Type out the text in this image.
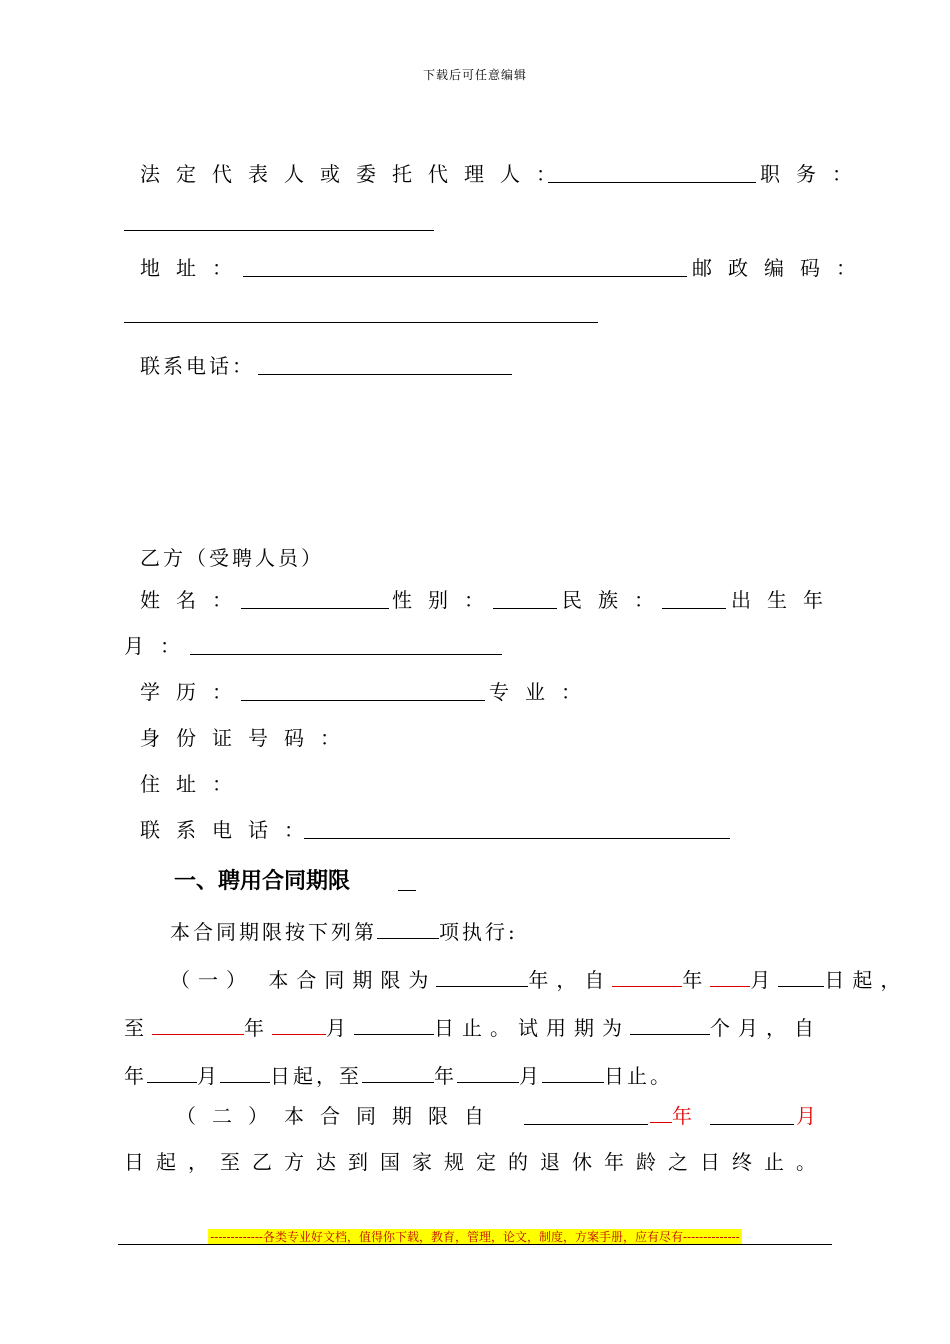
下载后可任意编辑
法定代表人或委托代理人：	职务：
地址：	邮政编码：
联系电话：
乙方（受聘人员）
姓名：	性别：	民族：	出生年
月：
学历：	专业：
身份证号码：
住址：
联系电话：
一、聘用合同期限
本合同期限按下列第	项执行:
（一） 本合同期限为	年，自	年 月 日起，
至	年	月	日止。试用期为	个月，自
年	月	日起，至	年	月	日止。
（二）本合同期限自	年	月
日起，至乙方达到国家规定的退休年龄之日终止。
-------------各类专业好文档，值得你下载，教育，管理，论文，制度，方案手册，应有尽有--------------
